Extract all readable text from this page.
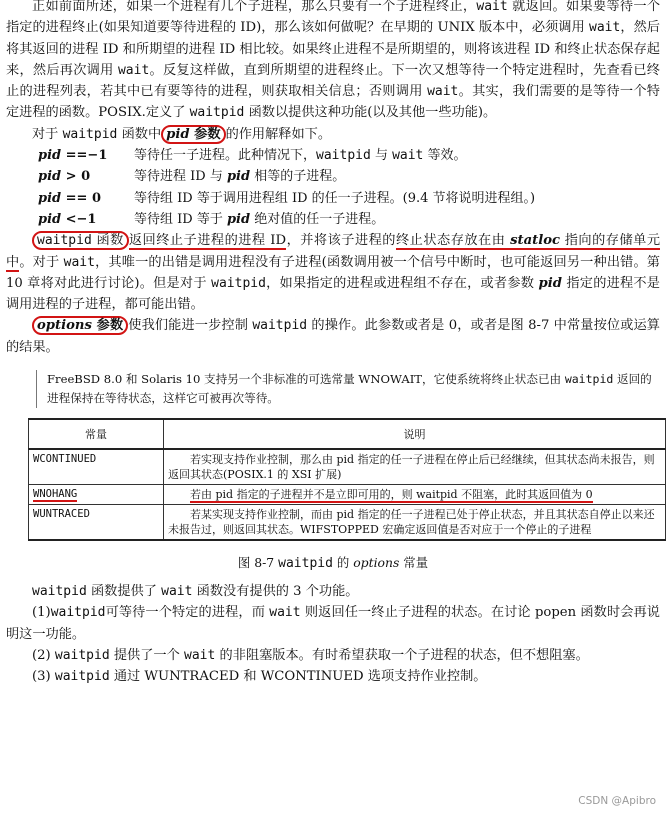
正如前面所述，如果一个进程有几个子进程，那么只要有一个子进程终止，wait 就返回。如果要等待一个指定的进程终止(如果知道要等待进程的 ID)，那么该如何做呢？在早期的 UNIX 版本中，必须调用 wait，然后将其返回的进程 ID 和所期望的进程 ID 相比较。如果终止进程不是所期望的，则将该进程 ID 和终止状态保存起来，然后再次调用 wait。反复这样做，直到所期望的进程终止。下一次又想等待一个特定进程时，先查看已终止的进程列表，若其中已有要等待的进程，则获取相关信息；否则调用 wait。其实，我们需要的是等待一个特定进程的函数。POSIX.定义了 waitpid 函数以提供这种功能(以及其他一些功能)。

对于 waitpid 函数中 pid 参数 的作用解释如下。

pid ==−1	等待任一子进程。此种情况下，waitpid 与 wait 等效。
pid > 0	等待进程 ID 与 pid 相等的子进程。
pid == 0	等待组 ID 等于调用进程组 ID 的任一子进程。(9.4 节将说明进程组。)
pid <−1	等待组 ID 等于 pid 绝对值的任一子进程。

waitpid 函数 返回终止子进程的进程 ID，并将该子进程的终止状态存放在由 statloc 指向的存储单元中。对于 wait，其唯一的出错是调用进程没有子进程(函数调用被一个信号中断时，也可能返回另一种出错。第 10 章将对此进行讨论)。但是对于 waitpid，如果指定的进程或进程组不存在，或者参数 pid 指定的进程不是调用进程的子进程，都可能出错。

options 参数 使我们能进一步控制 waitpid 的操作。此参数或者是 0，或者是图 8-7 中常量按位或运算的结果。

FreeBSD 8.0 和 Solaris 10 支持另一个非标准的可选常量 WNOWAIT，它使系统将终止状态已由 waitpid 返回的进程保持在等待状态，这样它可被再次等待。
常量	说明
WCONTINUED	若实现支持作业控制，那么由 pid 指定的任一子进程在停止后已经继续，但其状态尚未报告，则返回其状态(POSIX.1 的 XSI 扩展)
WNOHANG	若由 pid 指定的子进程并不是立即可用的，则 waitpid 不阻塞，此时其返回值为 0
WUNTRACED	若某实现支持作业控制，而由 pid 指定的任一子进程已处于停止状态，并且其状态自停止以来还未报告过，则返回其状态。WIFSTOPPED 宏确定返回值是否对应于一个停止的子进程
图 8-7 waitpid 的 options 常量

waitpid 函数提供了 wait 函数没有提供的 3 个功能。

(1)waitpid可等待一个特定的进程，而 wait 则返回任一终止子进程的状态。在讨论 popen 函数时会再说明这一功能。

(2) waitpid 提供了一个 wait 的非阻塞版本。有时希望获取一个子进程的状态，但不想阻塞。

(3) waitpid 通过 WUNTRACED 和 WCONTINUED 选项支持作业控制。

CSDN @Apibro
